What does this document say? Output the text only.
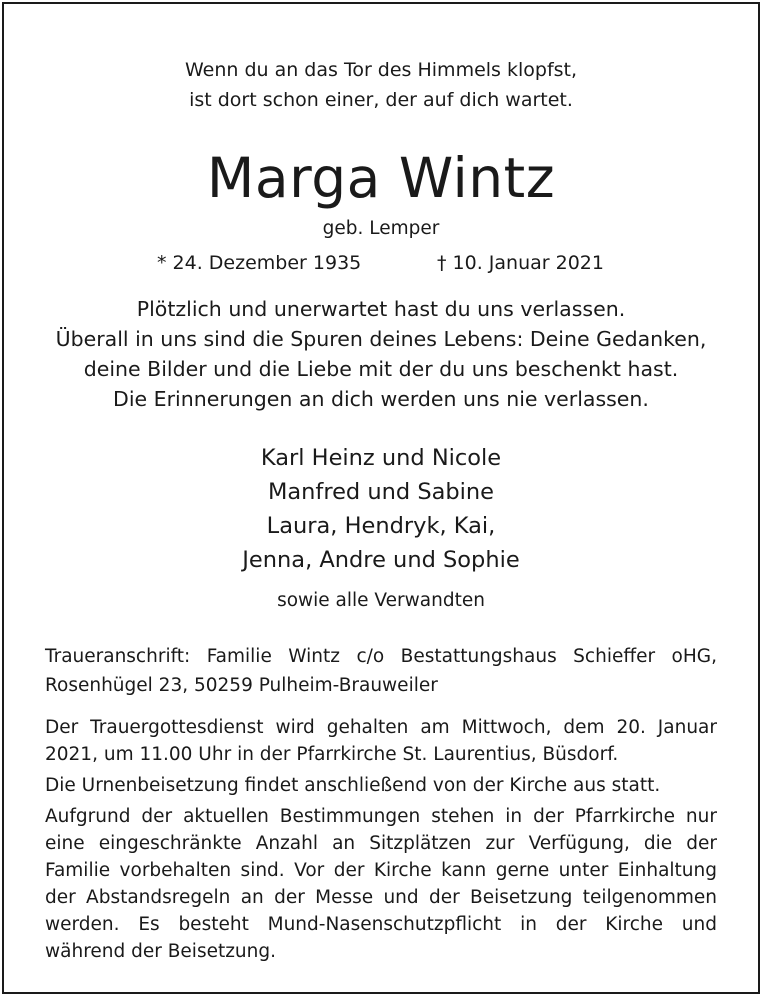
Wenn du an das Tor des Himmels klopfst,
ist dort schon einer, der auf dich wartet.
Marga Wintz
geb. Lemper
* 24. Dezember 1935	† 10. Januar 2021
Plötzlich und unerwartet hast du uns verlassen.
Überall in uns sind die Spuren deines Lebens: Deine Gedanken,
deine Bilder und die Liebe mit der du uns beschenkt hast.
Die Erinnerungen an dich werden uns nie verlassen.
Karl Heinz und Nicole
Manfred und Sabine
Laura, Hendryk, Kai,
Jenna, Andre und Sophie
sowie alle Verwandten
Traueranschrift: Familie Wintz c/o Bestattungshaus Schieffer oHG,
Rosenhügel 23, 50259 Pulheim-Brauweiler
Der Trauergottesdienst wird gehalten am Mittwoch, dem 20. Januar
2021, um 11.00 Uhr in der Pfarrkirche St. Laurentius, Büsdorf.
Die Urnenbeisetzung findet anschließend von der Kirche aus statt.
Aufgrund der aktuellen Bestimmungen stehen in der Pfarrkirche nur
eine eingeschränkte Anzahl an Sitzplätzen zur Verfügung, die der
Familie vorbehalten sind. Vor der Kirche kann gerne unter Einhaltung
der Abstandsregeln an der Messe und der Beisetzung teilgenommen
werden. Es besteht Mund-Nasenschutzpflicht in der Kirche und
während der Beisetzung.
